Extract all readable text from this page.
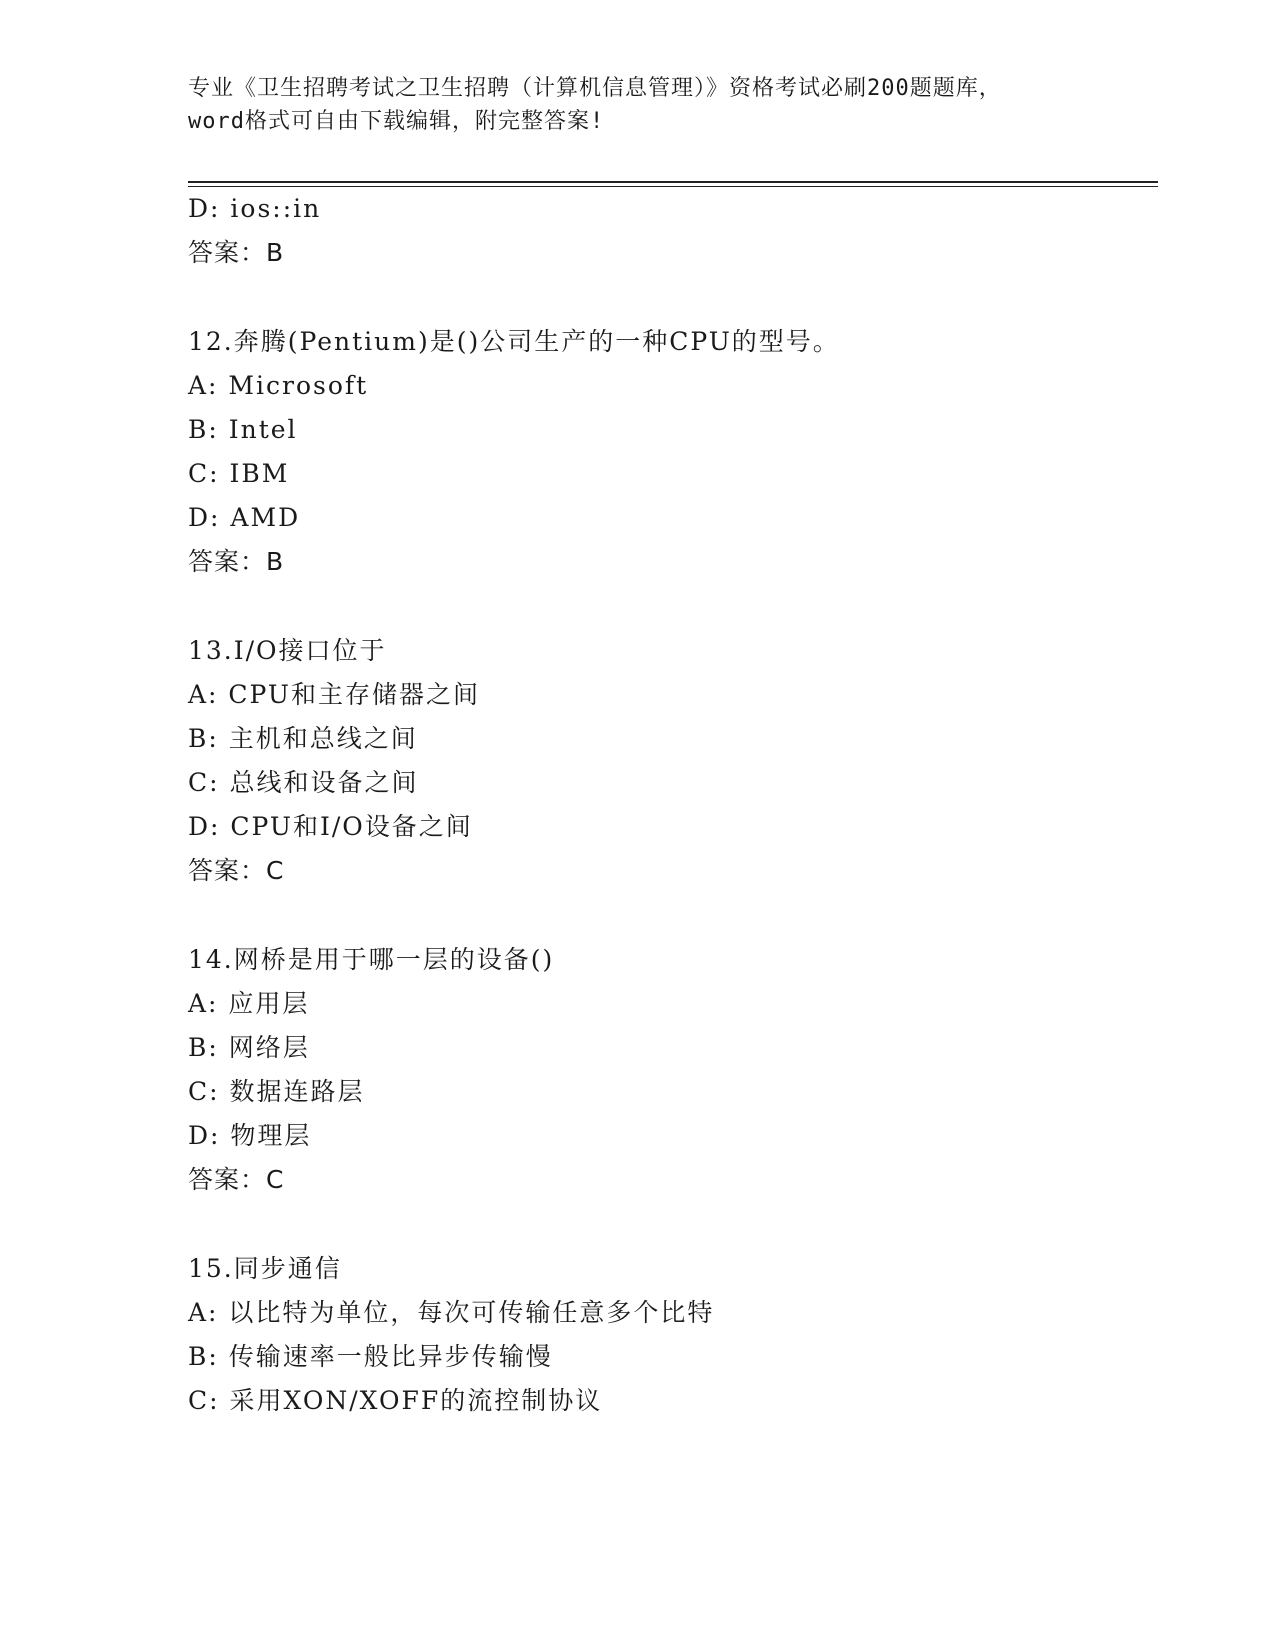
专业《卫生招聘考试之卫生招聘（计算机信息管理）》资格考试必刷200题题库，
word格式可自由下载编辑，附完整答案!
D: ios::in
答案：B
12.奔腾(Pentium)是()公司生产的一种CPU的型号。
A: Microsoft
B: Intel
C: IBM
D: AMD
答案：B
13.I/O接口位于
A: CPU和主存储器之间
B: 主机和总线之间
C: 总线和设备之间
D: CPU和I/O设备之间
答案：C
14.网桥是用于哪一层的设备()
A: 应用层
B: 网络层
C: 数据连路层
D: 物理层
答案：C
15.同步通信
A: 以比特为单位，每次可传输任意多个比特
B: 传输速率一般比异步传输慢
C: 采用XON/XOFF的流控制协议
